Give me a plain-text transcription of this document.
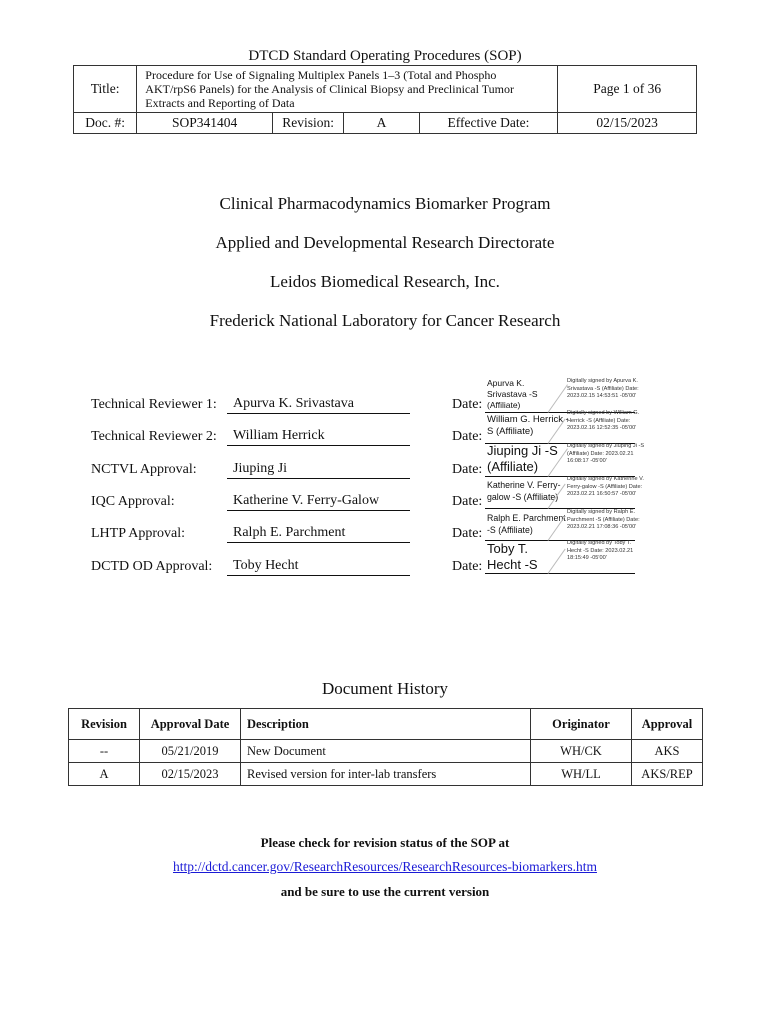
DTCD Standard Operating Procedures (SOP)
Title:	Procedure for Use of Signaling Multiplex Panels 1–3 (Total and Phospho AKT/rpS6 Panels) for the Analysis of Clinical Biopsy and Preclinical Tumor Extracts and Reporting of Data				Page 1 of 36
Doc. #:	SOP341404	Revision:	A	Effective Date:	02/15/2023
Clinical Pharmacodynamics Biomarker Program
Applied and Developmental Research Directorate
Leidos Biomedical Research, Inc.
Frederick National Laboratory for Cancer Research
Technical Reviewer 1:	Apurva K. Srivastava	Date:
Apurva K. Srivastava -S (Affiliate)
Digitally signed by Apurva K. Srivastava -S (Affiliate) Date: 2023.02.15 14:53:51 -05'00'
Technical Reviewer 2:	William Herrick	Date:
William G. Herrick -S (Affiliate)
Digitally signed by William G. Herrick -S (Affiliate) Date: 2023.02.16 12:52:35 -05'00'
NCTVL Approval:	Jiuping Ji	Date:
Jiuping Ji -S (Affiliate)
Digitally signed by Jiuping Ji -S (Affiliate) Date: 2023.02.21 16:08:17 -05'00'
IQC Approval:	Katherine V. Ferry-Galow	Date:
Katherine V. Ferry-galow -S (Affiliate)
Digitally signed by Katherine V. Ferry-galow -S (Affiliate) Date: 2023.02.21 16:50:57 -05'00'
LHTP Approval:	Ralph E. Parchment	Date:
Ralph E. Parchment -S (Affiliate)
Digitally signed by Ralph E. Parchment -S (Affiliate) Date: 2023.02.21 17:08:36 -05'00'
DCTD OD Approval:	Toby Hecht	Date:
Toby T. Hecht -S
Digitally signed by Toby T. Hecht -S Date: 2023.02.21 18:15:49 -05'00'
Document History
Revision	Approval Date	Description	Originator	Approval
--	05/21/2019	New Document	WH/CK	AKS
A	02/15/2023	Revised version for inter-lab transfers	WH/LL	AKS/REP
Please check for revision status of the SOP at
http://dctd.cancer.gov/ResearchResources/ResearchResources-biomarkers.htm
and be sure to use the current version
